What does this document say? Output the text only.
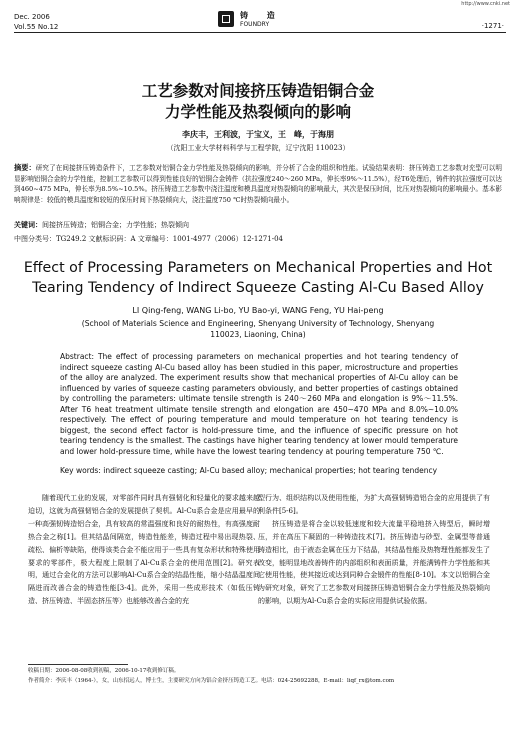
http://www.cnki.net
Dec. 2006
Vol.55 No.12
铸 造
FOUNDRY	·1271·
工艺参数对间接挤压铸造铝铜合金
力学性能及热裂倾向的影响
李庆丰，王利波，于宝义，王　峰，于海朋
（沈阳工业大学材料科学与工程学院，辽宁沈阳 110023）
摘要：研究了在间接挤压铸造条件下，工艺参数对铝铜合金力学性能及热裂倾向的影响，并分析了合金的组织和性能。试验结果表明：挤压铸造工艺参数对充型可以明显影响铝铜合金的力学性能，控制工艺参数可以得到性能良好的铝铜合金铸件（抗拉强度240～260 MPa，伸长率9%～11.5%），经T6处理后，铸件的抗拉强度可以达到460~475 MPa，伸长率为8.5%~10.5%。挤压铸造工艺参数中浇注温度和模具温度对热裂倾向的影响最大，其次是保压时间，比压对热裂倾向的影响最小。基本影响规律是：较低的模具温度和较短的保压时间下热裂倾向大，浇注温度750 ℃时热裂倾向最小。
关键词：间接挤压铸造；铝铜合金；力学性能；热裂倾向
中图分类号：TG249.2 文献标识码：A 文章编号：1001-4977（2006）12-1271-04
Effect of Processing Parameters on Mechanical Properties and Hot
Tearing Tendency of Indirect Squeeze Casting Al-Cu Based Alloy
LI Qing-feng, WANG Li-bo, YU Bao-yi, WANG Feng, YU Hai-peng
(School of Materials Science and Engineering, Shenyang University of Technology, Shenyang
110023, Liaoning, China)
Abstract: The effect of processing parameters on mechanical properties and hot tearing tendency of indirect squeeze casting Al-Cu based alloy has been studied in this paper, microstructure and properties of the alloy are analyzed. The experiment results show that mechanical properties of Al-Cu alloy can be influenced by varies of squeeze casting parameters obviously, and better properties of castings obtained by controlling the parameters: ultimate tensile strength is 240～260 MPa and elongation is 9%～11.5%. After T6 heat treatment ultimate tensile strength and elongation are 450~470 MPa and 8.0%~10.0% respectively. The effect of pouring temperature and mould temperature on hot tearing tendency is biggest, the second effect factor is hold-pressure time, and the influence of specific pressure on hot tearing tendency is the smallest. The castings have higher tearing tendency at lower mould temperature and lower hold-pressure time, while have the lowest tearing tendency at pouring temperature 750 ℃.
Key words: indirect squeeze casting; Al-Cu based alloy; mechanical properties; hot tearing tendency

随着现代工业的发展，对零部件同时具有强韧化和轻量化的要求越来越迫切，这就为高强韧铝合金的发展提供了契机。Al-Cu系合金是应用最早的一种高强韧铸造铝合金，具有较高的常温强度和良好的耐热性，有高强度耐热合金之称[1]。但其结晶间隔宽，铸造性能差，铸造过程中易出现热裂、疏松、偏析等缺陷，使得该类合金不能应用于一些具有复杂形状和特殊使用要求的零部件，极大程度上限制了Al-Cu系合金的使用范围[2]。研究表明，通过合金化的方法可以影响Al-Cu系合金的结晶性能，缩小结晶温度间隔进而改善合金的铸造性能[3-4]。此外，采用一些成形技术（如低压铸造、挤压铸造、半固态挤压等）也能够改善合金的充

型行为、组织结构以及使用性能，为扩大高强韧铸造铝合金的应用提供了有利条件[5-6]。

挤压铸造是将合金以较低速度和较大流量平稳地挤入铸型后，瞬时增压，并在高压下凝固的一种铸造技术[7]。挤压铸造与砂型、金属型等普通铸造相比，由于液态金属在压力下结晶，其结晶性能及热物理性能都发生了改变，能明显地改善铸件的内部组织和表面质量，并能满铸件力学性能和其它使用性能，使其接近或达到同种合金锻件的性能[8-10]。本文以铝铜合金为研究对象，研究了工艺参数对间接挤压铸造铝铜合金力学性能及热裂倾向的影响，以期为Al-Cu系合金的实际应用提供试验依据。

收稿日期：2006-08-08收到初稿，2006-10-17收到修订稿。
作者简介：李庆丰（1964-），女，山东招远人，博士生，主要研究方向为铝合金挤压铸造工艺。电话：024-25692288，E-mail：liqf_rx@tom.com
